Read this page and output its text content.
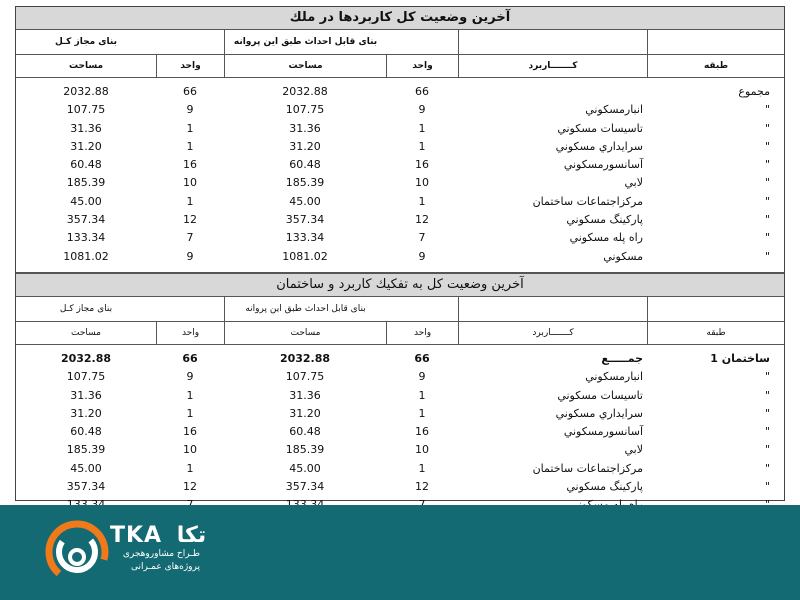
آخرين وضعيت كل كاربردها در ملك
بنای مجاز کـل	بنای قابل احداث طبق این پروانه
مساحت	واحد	مساحت	واحد	کـــــــاربرد	طبقه
2032.88	66	2032.88	66	مجموع
107.75	9	107.75	9	انبارمسكوني	"
31.36	1	31.36	1	تاسیسات مسكوني	"
31.20	1	31.20	1	سرايداري مسكوني	"
60.48	16	60.48	16	آسانسورمسكوني	"
185.39	10	185.39	10	لابي	"
45.00	1	45.00	1	مركزاجتماعات ساختمان	"
357.34	12	357.34	12	پاركينگ مسكوني	"
133.34	7	133.34	7	راه پله مسكوني	"
1081.02	9	1081.02	9	مسكوني	"
آخرين وضعيت كل به تفكيك كاربرد و ساختمان
بنای مجاز کـل	بنای قابل احداث طبق این پروانه
مساحت	واحد	مساحت	واحد	کـــــــاربرد	طبقه
2032.88	66	2032.88	66	جمـــــع	ساختمان 1
107.75	9	107.75	9	انبارمسكوني	"
31.36	1	31.36	1	تاسیسات مسكوني	"
31.20	1	31.20	1	سرايداري مسكوني	"
60.48	16	60.48	16	آسانسورمسكوني	"
185.39	10	185.39	10	لابي	"
45.00	1	45.00	1	مركزاجتماعات ساختمان	"
357.34	12	357.34	12	پاركينگ مسكوني	"
TKA تکا
طـراح مشاوروهجری
پروژه‌های عمـرانی
